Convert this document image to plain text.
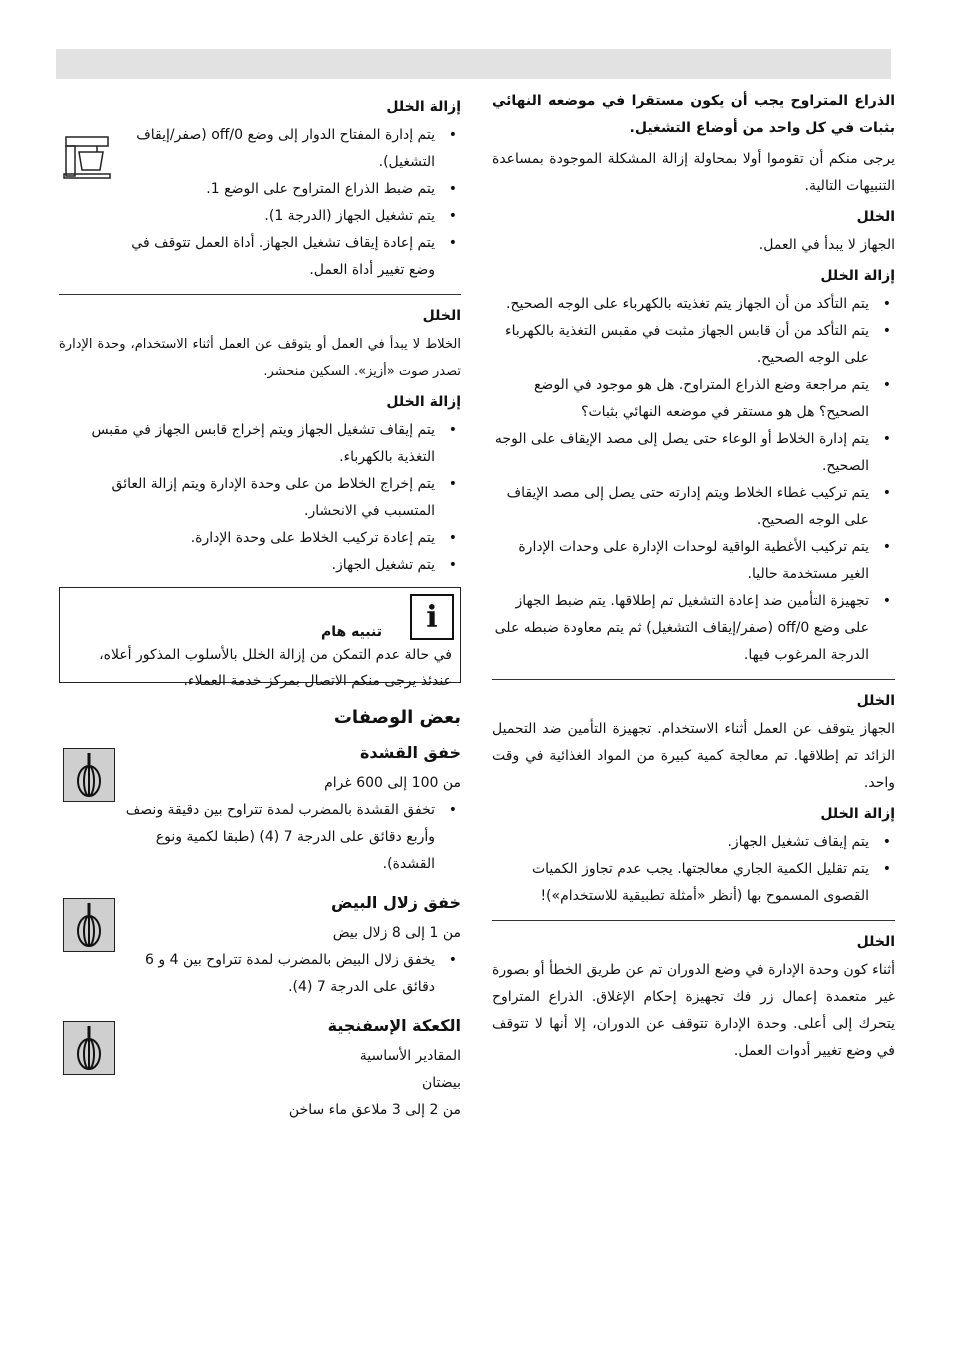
الذراع المتراوح يجب أن يكون مستقرا في موضعه النهائي بثبات في كل واحد من أوضاع التشغيل.

يرجى منكم أن تقوموا أولا بمحاولة إزالة المشكلة الموجودة بمساعدة التنبيهات التالية.

الخلل

الجهاز لا يبدأ في العمل.

إزالة الخلل
• يتم التأكد من أن الجهاز يتم تغذيته بالكهرباء على الوجه الصحيح.
• يتم التأكد من أن قابس الجهاز مثبت في مقبس التغذية بالكهرباء على الوجه الصحيح.
• يتم مراجعة وضع الذراع المتراوح. هل هو موجود في الوضع الصحيح؟ هل هو مستقر في موضعه النهائي بثبات؟
• يتم إدارة الخلاط أو الوعاء حتى يصل إلى مصد الإيقاف على الوجه الصحيح.
• يتم تركيب غطاء الخلاط ويتم إدارته حتى يصل إلى مصد الإيقاف على الوجه الصحيح.
• يتم تركيب الأغطية الواقية لوحدات الإدارة على وحدات الإدارة الغير مستخدمة حاليا.
• تجهيزة التأمين ضد إعادة التشغيل تم إطلاقها. يتم ضبط الجهاز على وضع off/0 (صفر/إيقاف التشغيل) ثم يتم معاودة ضبطه على الدرجة المرغوب فيها.
الخلل

الجهاز يتوقف عن العمل أثناء الاستخدام. تجهيزة التأمين ضد التحميل الزائد تم إطلاقها. تم معالجة كمية كبيرة من المواد الغذائية في وقت واحد.

إزالة الخلل
• يتم إيقاف تشغيل الجهاز.
• يتم تقليل الكمية الجاري معالجتها. يجب عدم تجاوز الكميات القصوى المسموح بها (أنظر «أمثلة تطبيقية للاستخدام»)!
الخلل

أثناء كون وحدة الإدارة في وضع الدوران تم عن طريق الخطأ أو بصورة غير متعمدة إعمال زر فك تجهيزة إحكام الإغلاق. الذراع المتراوح يتحرك إلى أعلى. وحدة الإدارة تتوقف عن الدوران، إلا أنها لا تتوقف في وضع تغيير أدوات العمل.

إزالة الخلل
• يتم إدارة المفتاح الدوار إلى وضع off/0 (صفر/إيقاف التشغيل).
• يتم ضبط الذراع المتراوح على الوضع 1.
• يتم تشغيل الجهاز (الدرجة 1).
• يتم إعادة إيقاف تشغيل الجهاز. أداة العمل تتوقف في وضع تغيير أداة العمل.
الخلل

الخلاط لا يبدأ في العمل أو يتوقف عن العمل أثناء الاستخدام، وحدة الإدارة تصدر صوت «أزيز». السكين منحشر.

إزالة الخلل
• يتم إيقاف تشغيل الجهاز ويتم إخراج قابس الجهاز في مقبس التغذية بالكهرباء.
• يتم إخراج الخلاط من على وحدة الإدارة ويتم إزالة العائق المتسبب في الانحشار.
• يتم إعادة تركيب الخلاط على وحدة الإدارة.
• يتم تشغيل الجهاز.
i
تنبيه هام
في حالة عدم التمكن من إزالة الخلل بالأسلوب المذكور أعلاه، عندئذ يرجى منكم الاتصال بمركز خدمة العملاء.
بعض الوصفات
خفق القشدة

من 100 إلى 600 غرام

• تخفق القشدة بالمضرب لمدة تتراوح بين دقيقة ونصف وأربع دقائق على الدرجة 7 (4) (طبقا لكمية ونوع القشدة).
خفق زلال البيض

من 1 إلى 8 زلال بيض

• يخفق زلال البيض بالمضرب لمدة تتراوح بين 4 و 6 دقائق على الدرجة 7 (4).
الكعكة الإسفنجية

المقادير الأساسية

بيضتان

من 2 إلى 3 ملاعق ماء ساخن
